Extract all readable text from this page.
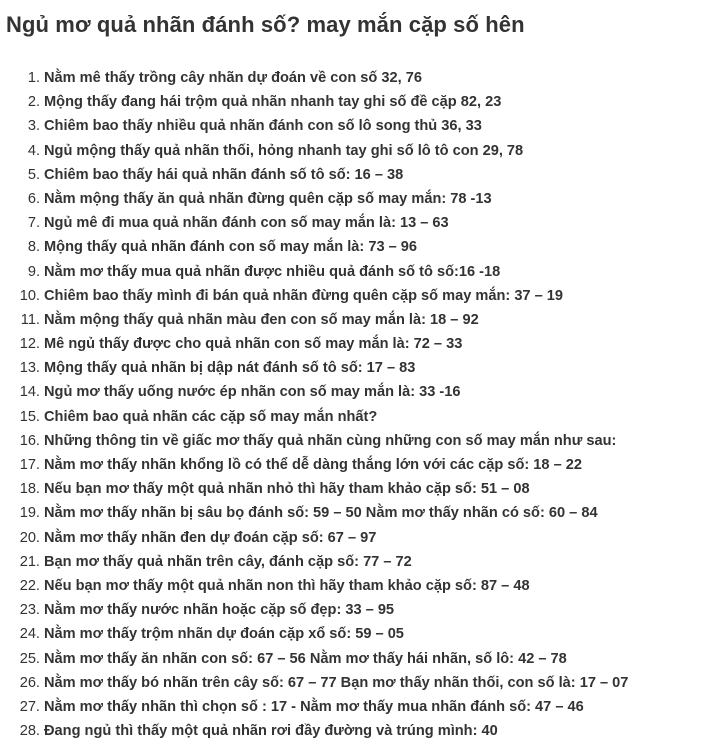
Ngủ mơ quả nhãn đánh số? may mắn cặp số hên
1. Nằm mê thấy trồng cây nhãn dự đoán về con số 32, 76
2. Mộng thấy đang hái trộm quả nhãn nhanh tay ghi số đề cặp 82, 23
3. Chiêm bao thấy nhiều quả nhãn đánh con số lô song thủ 36, 33
4. Ngủ mộng thấy quả nhãn thối, hỏng nhanh tay ghi số lô tô con 29, 78
5. Chiêm bao thấy hái quả nhãn đánh số tô số: 16 – 38
6. Nằm mộng thấy ăn quả nhãn đừng quên cặp số may mắn: 78 -13
7. Ngủ mê đi mua quả nhãn đánh con số may mắn là: 13 – 63
8. Mộng thấy quả nhãn đánh con số may mắn là: 73 – 96
9. Nằm mơ thấy mua quả nhãn được nhiều quả đánh số tô số:16 -18
10. Chiêm bao thấy mình đi bán quả nhãn đừng quên cặp số may mắn: 37 – 19
11. Nằm mộng thấy quả nhãn màu đen con số may mắn là: 18 – 92
12. Mê ngủ thấy được cho quả nhãn con số may mắn là: 72 – 33
13. Mộng thấy quả nhãn bị dập nát đánh số tô số: 17 – 83
14. Ngủ mơ thấy uống nước ép nhãn con số may mắn là: 33 -16
15. Chiêm bao quả nhãn các cặp số may mắn nhất?
16. Những thông tin về giấc mơ thấy quả nhãn cùng những con số may mắn như sau:
17. Nằm mơ thấy nhãn khổng lồ có thể dễ dàng thắng lớn với các cặp số: 18 – 22
18. Nếu bạn mơ thấy một quả nhãn nhỏ thì hãy tham khảo cặp số: 51 – 08
19. Nằm mơ thấy nhãn bị sâu bọ đánh số: 59 – 50 Nằm mơ thấy nhãn có số: 60 – 84
20. Nằm mơ thấy nhãn đen dự đoán cặp số: 67 – 97
21. Bạn mơ thấy quả nhãn trên cây, đánh cặp số: 77 – 72
22. Nếu bạn mơ thấy một quả nhãn non thì hãy tham khảo cặp số: 87 – 48
23. Nằm mơ thấy nước nhãn hoặc cặp số đẹp: 33 – 95
24. Nằm mơ thấy trộm nhãn dự đoán cặp xổ số: 59 – 05
25. Nằm mơ thấy ăn nhãn con số: 67 – 56 Nằm mơ thấy hái nhãn, số lô: 42 – 78
26. Nằm mơ thấy bó nhãn trên cây số: 67 – 77 Bạn mơ thấy nhãn thối, con số là: 17 – 07
27. Nằm mơ thấy nhãn thì chọn số : 17 - Nằm mơ thấy mua nhãn đánh số: 47 – 46
28. Đang ngủ thì thấy một quả nhãn rơi đầy đường và trúng mình: 40
